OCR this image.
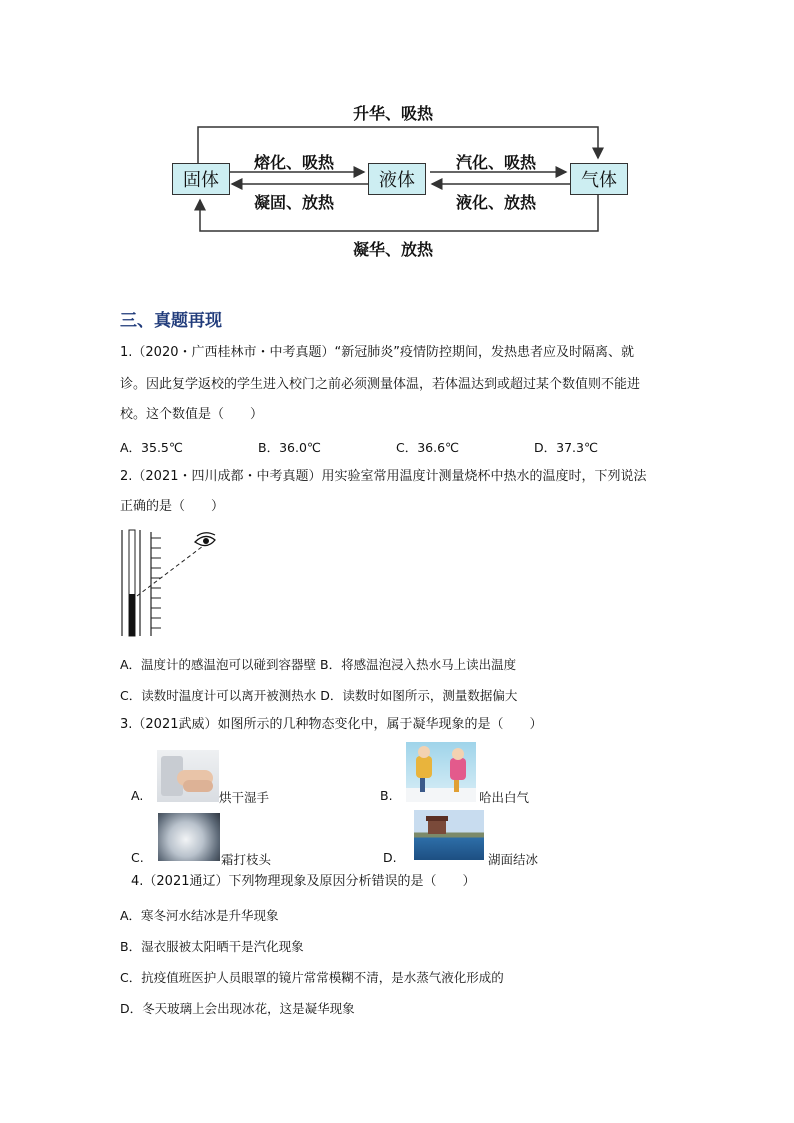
升华、吸热
凝华、放热
熔化、吸热
凝固、放热
汽化、吸热
液化、放热
固体	液体	气体
三、真题再现
1.（2020・广西桂林市・中考真题）“新冠肺炎”疫情防控期间，发热患者应及时隔离、就
诊。因此复学返校的学生进入校门之前必须测量体温，若体温达到或超过某个数值则不能进
校。这个数值是（　　）
A．35.5℃	B．36.0℃	C．36.6℃	D．37.3℃
2.（2021・四川成都・中考真题）用实验室常用温度计测量烧杯中热水的温度时，下列说法
正确的是（　　）
A．温度计的感温泡可以碰到容器壁 B．将感温泡浸入热水马上读出温度
C．读数时温度计可以离开被测热水 D．读数时如图所示，测量数据偏大
3.（2021武威）如图所示的几种物态变化中，属于凝华现象的是（　　）
A.	烘干湿手	B.	哈出白气
C.	霜打枝头	D.	湖面结冰
4.（2021通辽）下列物理现象及原因分析错误的是（　　）
A．寒冬河水结冰是升华现象
B．湿衣服被太阳晒干是汽化现象
C．抗疫值班医护人员眼罩的镜片常常模糊不清，是水蒸气液化形成的
D．冬天玻璃上会出现冰花，这是凝华现象
